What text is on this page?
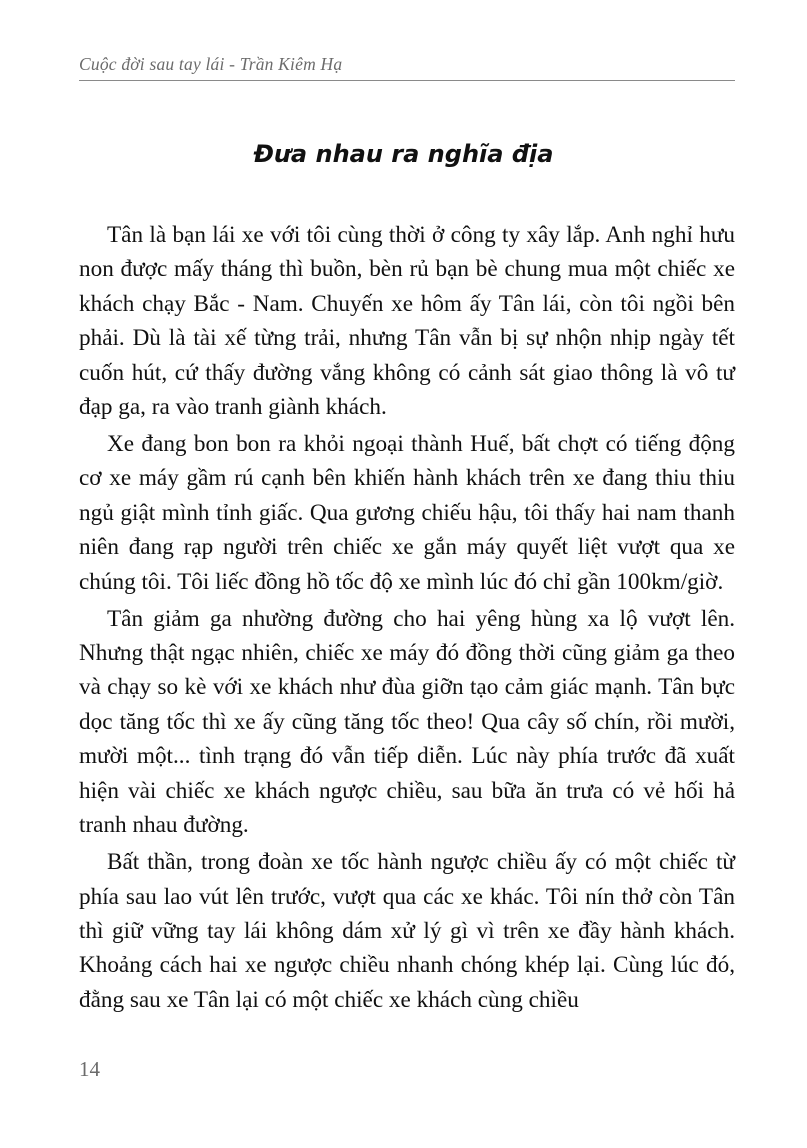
Cuộc đời sau tay lái - Trần Kiêm Hạ
Đưa nhau ra nghĩa địa

Tân là bạn lái xe với tôi cùng thời ở công ty xây lắp. Anh nghỉ hưu non được mấy tháng thì buồn, bèn rủ bạn bè chung mua một chiếc xe khách chạy Bắc - Nam. Chuyến xe hôm ấy Tân lái, còn tôi ngồi bên phải. Dù là tài xế từng trải, nhưng Tân vẫn bị sự nhộn nhịp ngày tết cuốn hút, cứ thấy đường vắng không có cảnh sát giao thông là vô tư đạp ga, ra vào tranh giành khách.

Xe đang bon bon ra khỏi ngoại thành Huế, bất chợt có tiếng động cơ xe máy gầm rú cạnh bên khiến hành khách trên xe đang thiu thiu ngủ giật mình tỉnh giấc. Qua gương chiếu hậu, tôi thấy hai nam thanh niên đang rạp người trên chiếc xe gắn máy quyết liệt vượt qua xe chúng tôi. Tôi liếc đồng hồ tốc độ xe mình lúc đó chỉ gần 100km/giờ.

Tân giảm ga nhường đường cho hai yêng hùng xa lộ vượt lên. Nhưng thật ngạc nhiên, chiếc xe máy đó đồng thời cũng giảm ga theo và chạy so kè với xe khách như đùa giỡn tạo cảm giác mạnh. Tân bực dọc tăng tốc thì xe ấy cũng tăng tốc theo! Qua cây số chín, rồi mười, mười một... tình trạng đó vẫn tiếp diễn. Lúc này phía trước đã xuất hiện vài chiếc xe khách ngược chiều, sau bữa ăn trưa có vẻ hối hả tranh nhau đường.

Bất thần, trong đoàn xe tốc hành ngược chiều ấy có một chiếc từ phía sau lao vút lên trước, vượt qua các xe khác. Tôi nín thở còn Tân thì giữ vững tay lái không dám xử lý gì vì trên xe đầy hành khách. Khoảng cách hai xe ngược chiều nhanh chóng khép lại. Cùng lúc đó, đằng sau xe Tân lại có một chiếc xe khách cùng chiều

14
